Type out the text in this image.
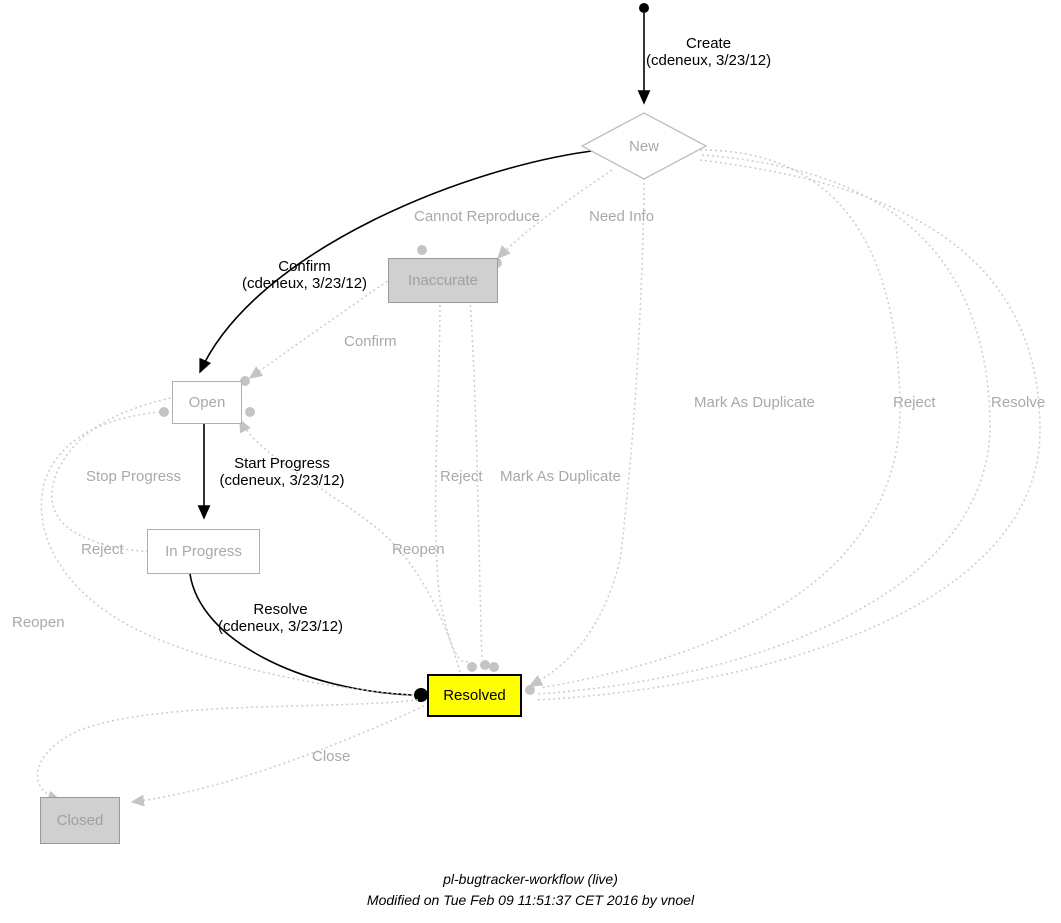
New
Inaccurate
Open
In Progress
Resolved
Closed
Create
(cdeneux, 3/23/12)
Confirm
(cdeneux, 3/23/12)
Start Progress
(cdeneux, 3/23/12)
Resolve
(cdeneux, 3/23/12)
Cannot Reproduce	Need Info
Confirm
Mark As Duplicate	Reject	Resolve
Stop Progress	Reject Mark As Duplicate
Reject	Reopen
Reopen
Close
pl-bugtracker-workflow (live)
Modified on Tue Feb 09 11:51:37 CET 2016 by vnoel
